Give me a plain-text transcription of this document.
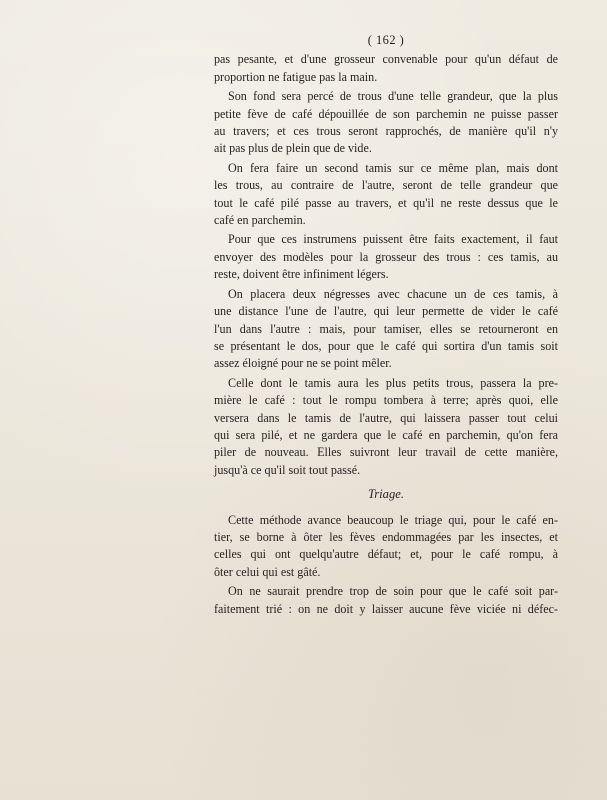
( 162 )
pas pesante, et d'une grosseur convenable pour qu'un défaut de
proportion ne fatigue pas la main.
Son fond sera percé de trous d'une telle grandeur, que la plus
petite fève de café dépouillée de son parchemin ne puisse passer
au travers; et ces trous seront rapprochés, de manière qu'il n'y
ait pas plus de plein que de vide.
On fera faire un second tamis sur ce même plan, mais dont
les trous, au contraire de l'autre, seront de telle grandeur que
tout le café pilé passe au travers, et qu'il ne reste dessus que le
café en parchemin.
Pour que ces instrumens puissent être faits exactement, il faut
envoyer des modèles pour la grosseur des trous : ces tamis, au
reste, doivent être infiniment légers.
On placera deux négresses avec chacune un de ces tamis, à
une distance l'une de l'autre, qui leur permette de vider le café
l'un dans l'autre : mais, pour tamiser, elles se retourneront en
se présentant le dos, pour que le café qui sortira d'un tamis soit
assez éloigné pour ne se point mêler.
Celle dont le tamis aura les plus petits trous, passera la pre-
mière le café : tout le rompu tombera à terre; après quoi, elle
versera dans le tamis de l'autre, qui laissera passer tout celui
qui sera pilé, et ne gardera que le café en parchemin, qu'on fera
piler de nouveau. Elles suivront leur travail de cette manière,
jusqu'à ce qu'il soit tout passé.
Triage.
Cette méthode avance beaucoup le triage qui, pour le café en-
tier, se borne à ôter les fèves endommagées par les insectes, et
celles qui ont quelqu'autre défaut; et, pour le café rompu, à
ôter celui qui est gâté.
On ne saurait prendre trop de soin pour que le café soit par-
faitement trié : on ne doit y laisser aucune fève viciée ni défec-
